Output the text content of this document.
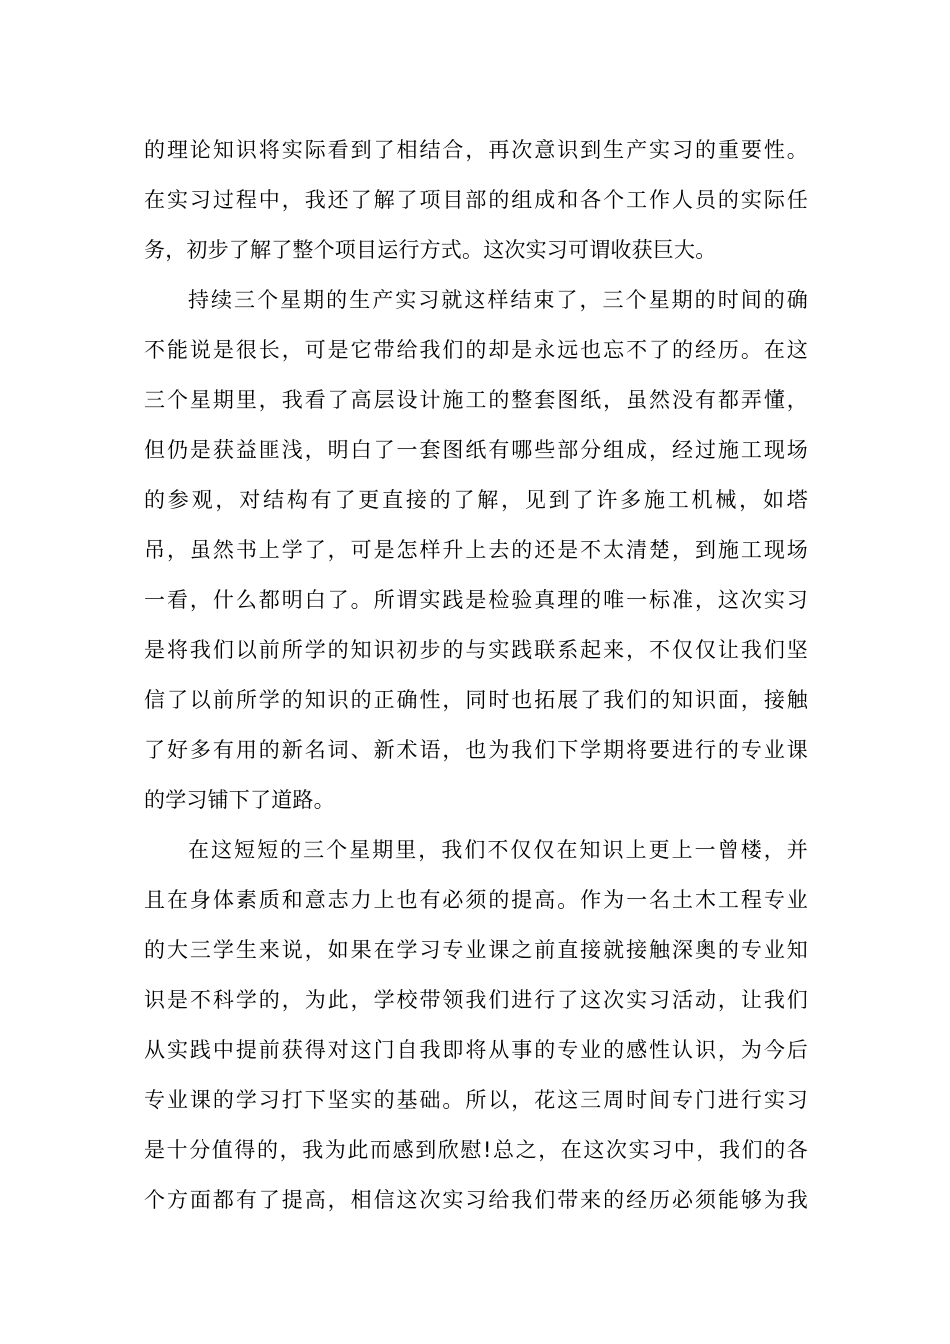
的理论知识将实际看到了相结合，再次意识到生产实习的重要性。
在实习过程中，我还了解了项目部的组成和各个工作人员的实际任
务，初步了解了整个项目运行方式。这次实习可谓收获巨大。
持续三个星期的生产实习就这样结束了，三个星期的时间的确
不能说是很长，可是它带给我们的却是永远也忘不了的经历。在这
三个星期里，我看了高层设计施工的整套图纸，虽然没有都弄懂，
但仍是获益匪浅，明白了一套图纸有哪些部分组成，经过施工现场
的参观，对结构有了更直接的了解，见到了许多施工机械，如塔
吊，虽然书上学了，可是怎样升上去的还是不太清楚，到施工现场
一看，什么都明白了。所谓实践是检验真理的唯一标准，这次实习
是将我们以前所学的知识初步的与实践联系起来，不仅仅让我们坚
信了以前所学的知识的正确性，同时也拓展了我们的知识面，接触
了好多有用的新名词、新术语，也为我们下学期将要进行的专业课
的学习铺下了道路。
在这短短的三个星期里，我们不仅仅在知识上更上一曾楼，并
且在身体素质和意志力上也有必须的提高。作为一名土木工程专业
的大三学生来说，如果在学习专业课之前直接就接触深奥的专业知
识是不科学的，为此，学校带领我们进行了这次实习活动，让我们
从实践中提前获得对这门自我即将从事的专业的感性认识，为今后
专业课的学习打下坚实的基础。所以，花这三周时间专门进行实习
是十分值得的，我为此而感到欣慰!总之，在这次实习中，我们的各
个方面都有了提高，相信这次实习给我们带来的经历必须能够为我
